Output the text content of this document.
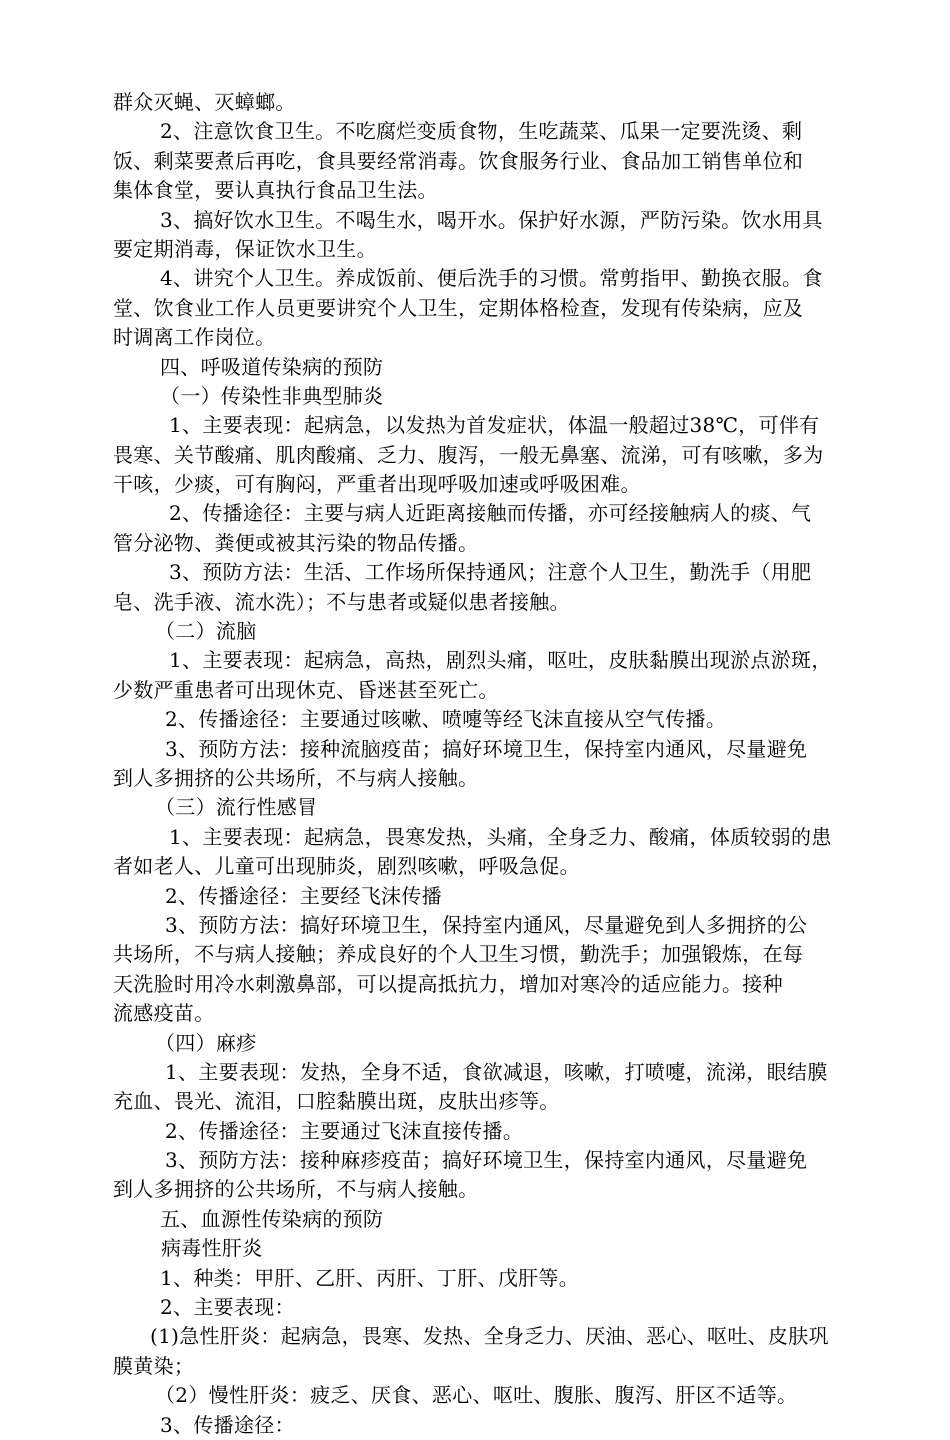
群众灭蝇、灭蟑螂。

2、注意饮食卫生。不吃腐烂变质食物，生吃蔬菜、瓜果一定要洗烫、剩

饭、剩菜要煮后再吃，食具要经常消毒。饮食服务行业、食品加工销售单位和

集体食堂，要认真执行食品卫生法。

3、搞好饮水卫生。不喝生水，喝开水。保护好水源，严防污染。饮水用具

要定期消毒，保证饮水卫生。

4、讲究个人卫生。养成饭前、便后洗手的习惯。常剪指甲、勤换衣服。食

堂、饮食业工作人员更要讲究个人卫生，定期体格检查，发现有传染病，应及

时调离工作岗位。

四、呼吸道传染病的预防

（一）传染性非典型肺炎

1、主要表现：起病急，以发热为首发症状，体温一般超过38℃，可伴有

畏寒、关节酸痛、肌肉酸痛、乏力、腹泻，一般无鼻塞、流涕，可有咳嗽，多为

干咳，少痰，可有胸闷，严重者出现呼吸加速或呼吸困难。

2、传播途径：主要与病人近距离接触而传播，亦可经接触病人的痰、气

管分泌物、粪便或被其污染的物品传播。

3、预防方法：生活、工作场所保持通风；注意个人卫生，勤洗手（用肥

皂、洗手液、流水洗）；不与患者或疑似患者接触。

（二）流脑

1、主要表现：起病急，高热，剧烈头痛，呕吐，皮肤黏膜出现淤点淤斑，

少数严重患者可出现休克、昏迷甚至死亡。

2、传播途径：主要通过咳嗽、喷嚏等经飞沫直接从空气传播。

3、预防方法：接种流脑疫苗；搞好环境卫生，保持室内通风，尽量避免

到人多拥挤的公共场所，不与病人接触。

（三）流行性感冒

1、主要表现：起病急，畏寒发热，头痛，全身乏力、酸痛，体质较弱的患

者如老人、儿童可出现肺炎，剧烈咳嗽，呼吸急促。

2、传播途径：主要经飞沫传播

3、预防方法：搞好环境卫生，保持室内通风，尽量避免到人多拥挤的公

共场所，不与病人接触；养成良好的个人卫生习惯，勤洗手；加强锻炼，在每

天洗脸时用冷水刺激鼻部，可以提高抵抗力，增加对寒冷的适应能力。接种

流感疫苗。

（四）麻疹

1、主要表现：发热，全身不适，食欲减退，咳嗽，打喷嚏，流涕，眼结膜

充血、畏光、流泪，口腔黏膜出斑，皮肤出疹等。

2、传播途径：主要通过飞沫直接传播。

3、预防方法：接种麻疹疫苗；搞好环境卫生，保持室内通风，尽量避免

到人多拥挤的公共场所，不与病人接触。

五、血源性传染病的预防

病毒性肝炎

1、种类：甲肝、乙肝、丙肝、丁肝、戊肝等。

2、主要表现：

(1)急性肝炎：起病急，畏寒、发热、全身乏力、厌油、恶心、呕吐、皮肤巩

膜黄染；

（2）慢性肝炎：疲乏、厌食、恶心、呕吐、腹胀、腹泻、肝区不适等。

3、传播途径：
